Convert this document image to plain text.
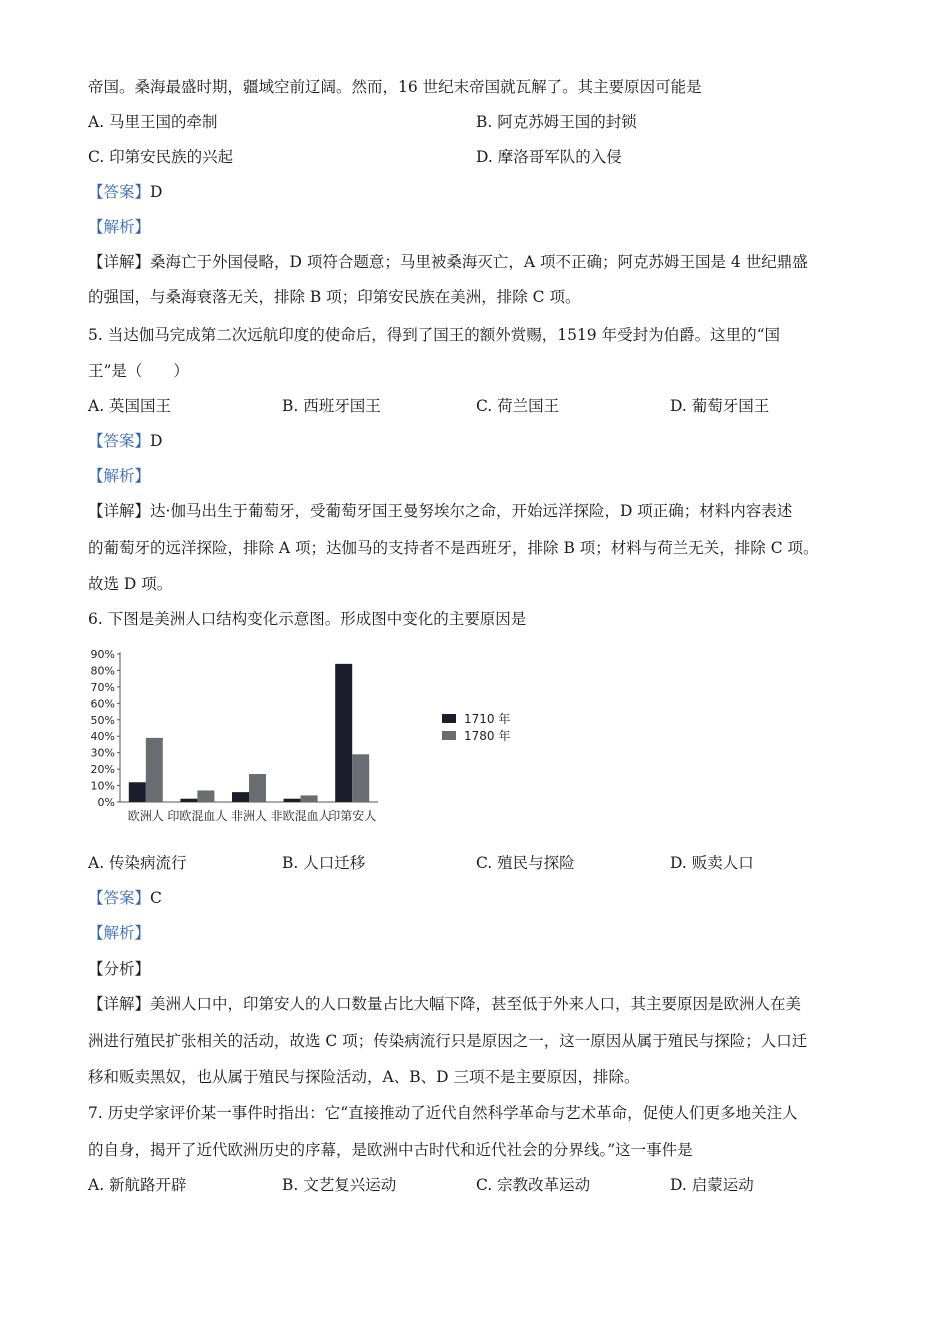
帝国。桑海最盛时期，疆域空前辽阔。然而，16 世纪末帝国就瓦解了。其主要原因可能是
A. 马里王国的牵制	B. 阿克苏姆王国的封锁
C. 印第安民族的兴起	D. 摩洛哥军队的入侵
【答案】D
【解析】
【详解】桑海亡于外国侵略，D 项符合题意；马里被桑海灭亡，A 项不正确；阿克苏姆王国是 4 世纪鼎盛
的强国，与桑海衰落无关，排除 B 项；印第安民族在美洲，排除 C 项。
5. 当达伽马完成第二次远航印度的使命后，得到了国王的额外赏赐，1519 年受封为伯爵。这里的“国
王”是（　　）
A. 英国国王	B. 西班牙国王	C. 荷兰国王	D. 葡萄牙国王
【答案】D
【解析】
【详解】达·伽马出生于葡萄牙，受葡萄牙国王曼努埃尔之命，开始远洋探险，D 项正确；材料内容表述
的葡萄牙的远洋探险，排除 A 项；达伽马的支持者不是西班牙，排除 B 项；材料与荷兰无关，排除 C 项。
故选 D 项。
6. 下图是美洲人口结构变化示意图。形成图中变化的主要原因是
0%
10%
20%
30%
40%
50%
60%
70%
80%
90%
欧洲人 印欧混血人 非洲人 非欧混血人
印第安人
1710 年
1780 年
A. 传染病流行	B. 人口迁移	C. 殖民与探险	D. 贩卖人口
【答案】C
【解析】
【分析】
【详解】美洲人口中，印第安人的人口数量占比大幅下降，甚至低于外来人口，其主要原因是欧洲人在美
洲进行殖民扩张相关的活动，故选 C 项；传染病流行只是原因之一，这一原因从属于殖民与探险；人口迁
移和贩卖黑奴，也从属于殖民与探险活动，A、B、D 三项不是主要原因，排除。
7. 历史学家评价某一事件时指出：它“直接推动了近代自然科学革命与艺术革命，促使人们更多地关注人
的自身，揭开了近代欧洲历史的序幕，是欧洲中古时代和近代社会的分界线。”这一事件是
A. 新航路开辟	B. 文艺复兴运动	C. 宗教改革运动	D. 启蒙运动
